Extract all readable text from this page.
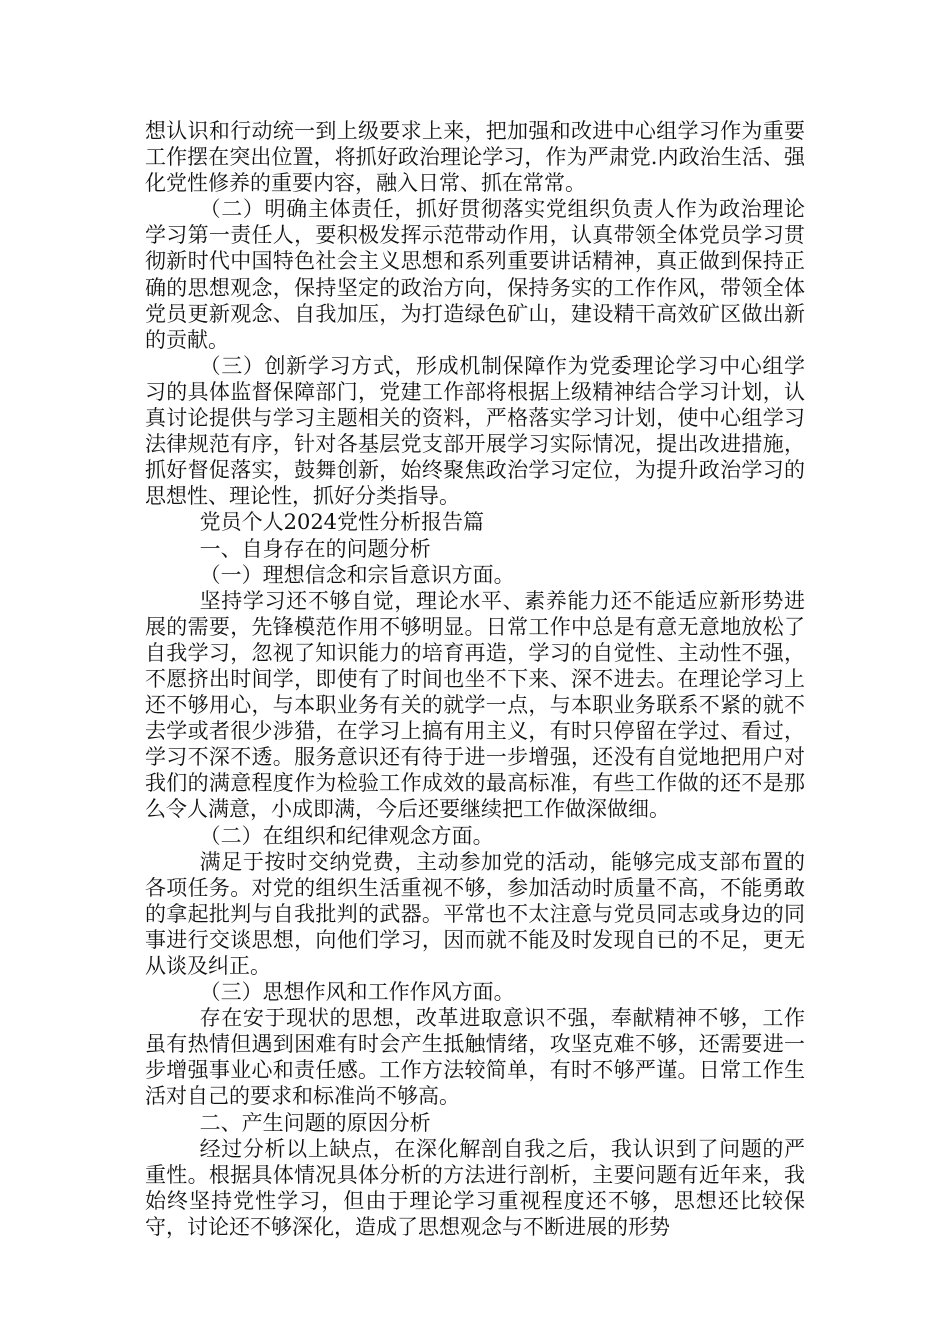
想认识和行动统一到上级要求上来，把加强和改进中心组学习作为重要工作摆在突出位置，将抓好政治理论学习，作为严肃党.内政治生活、强化党性修养的重要内容，融入日常、抓在常常。

（二）明确主体责任，抓好贯彻落实党组织负责人作为政治理论学习第一责任人，要积极发挥示范带动作用，认真带领全体党员学习贯彻新时代中国特色社会主义思想和系列重要讲话精神，真正做到保持正确的思想观念，保持坚定的政治方向，保持务实的工作作风，带领全体党员更新观念、自我加压，为打造绿色矿山，建设精干高效矿区做出新的贡献。

（三）创新学习方式，形成机制保障作为党委理论学习中心组学习的具体监督保障部门，党建工作部将根据上级精神结合学习计划，认真讨论提供与学习主题相关的资料，严格落实学习计划，使中心组学习法律规范有序，针对各基层党支部开展学习实际情况，提出改进措施，抓好督促落实，鼓舞创新，始终聚焦政治学习定位，为提升政治学习的思想性、理论性，抓好分类指导。

党员个人2024党性分析报告篇

一、自身存在的问题分析

（一）理想信念和宗旨意识方面。

坚持学习还不够自觉，理论水平、素养能力还不能适应新形势进展的需要，先锋模范作用不够明显。日常工作中总是有意无意地放松了自我学习，忽视了知识能力的培育再造，学习的自觉性、主动性不强，不愿挤出时间学，即使有了时间也坐不下来、深不进去。在理论学习上还不够用心，与本职业务有关的就学一点，与本职业务联系不紧的就不去学或者很少涉猎，在学习上搞有用主义，有时只停留在学过、看过，学习不深不透。服务意识还有待于进一步增强，还没有自觉地把用户对我们的满意程度作为检验工作成效的最高标准，有些工作做的还不是那么令人满意，小成即满，今后还要继续把工作做深做细。

（二）在组织和纪律观念方面。

满足于按时交纳党费，主动参加党的活动，能够完成支部布置的各项任务。对党的组织生活重视不够，参加活动时质量不高，不能勇敢的拿起批判与自我批判的武器。平常也不太注意与党员同志或身边的同事进行交谈思想，向他们学习，因而就不能及时发现自已的不足，更无从谈及纠正。

（三）思想作风和工作作风方面。

存在安于现状的思想，改革进取意识不强，奉献精神不够，工作虽有热情但遇到困难有时会产生抵触情绪，攻坚克难不够，还需要进一步增强事业心和责任感。工作方法较简单，有时不够严谨。日常工作生活对自己的要求和标准尚不够高。

二、产生问题的原因分析

经过分析以上缺点，在深化解剖自我之后，我认识到了问题的严重性。根据具体情况具体分析的方法进行剖析，主要问题有近年来，我始终坚持党性学习，但由于理论学习重视程度还不够，思想还比较保守，讨论还不够深化，造成了思想观念与不断进展的形势
